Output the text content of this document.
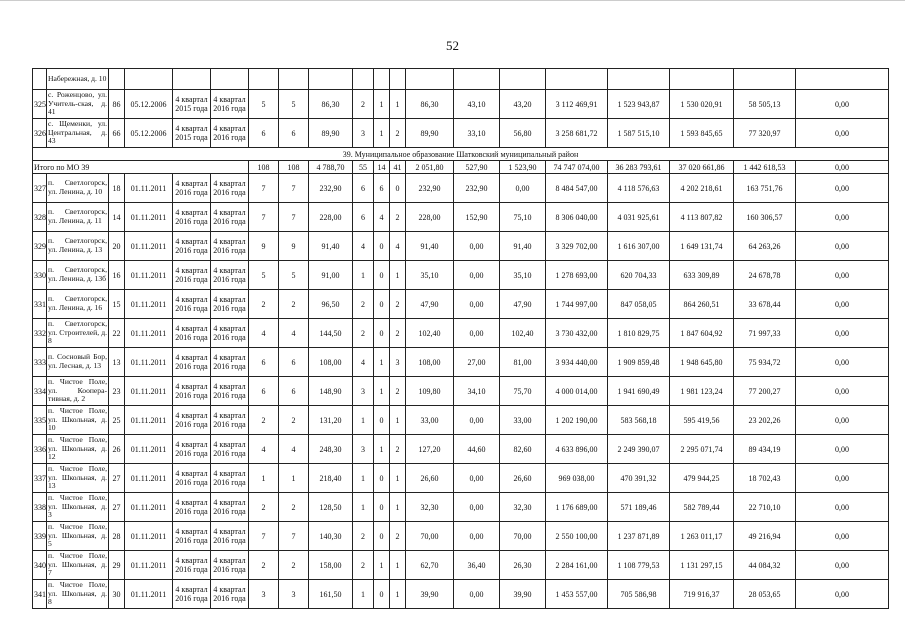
52
	Набережная, д. 10																		
325	с. Роженцово, ул. Учитель-ская, д. 41	86	05.12.2006	4 квартал 2015 года	4 квартал 2016 года	5	5	86,30	2	1	1	86,30	43,10	43,20	3 112 469,91	1 523 943,87	1 530 020,91	58 505,13	0,00
326	с. Щеменки, ул. Центральная, д. 43	66	05.12.2006	4 квартал 2015 года	4 квартал 2016 года	6	6	89,90	3	1	2	89,90	33,10	56,80	3 258 681,72	1 587 515,10	1 593 845,65	77 320,97	0,00
39. Муниципальное образование Шатковский муниципальный район																			
Итого по МО 39						108	108	4 788,70	55	14	41	2 051,80	527,90	1 523,90	74 747 074,00	36 283 793,61	37 020 661,86	1 442 618,53	0,00
327	п. Светлогорск, ул. Ленина, д. 10	18	01.11.2011	4 квартал 2016 года	4 квартал 2016 года	7	7	232,90	6	6	0	232,90	232,90	0,00	8 484 547,00	4 118 576,63	4 202 218,61	163 751,76	0,00
328	п. Светлогорск, ул. Ленина, д. 11	14	01.11.2011	4 квартал 2016 года	4 квартал 2016 года	7	7	228,00	6	4	2	228,00	152,90	75,10	8 306 040,00	4 031 925,61	4 113 807,82	160 306,57	0,00
329	п. Светлогорск, ул. Ленина, д. 13	20	01.11.2011	4 квартал 2016 года	4 квартал 2016 года	9	9	91,40	4	0	4	91,40	0,00	91,40	3 329 702,00	1 616 307,00	1 649 131,74	64 263,26	0,00
330	п. Светлогорск, ул. Ленина, д. 13б	16	01.11.2011	4 квартал 2016 года	4 квартал 2016 года	5	5	91,00	1	0	1	35,10	0,00	35,10	1 278 693,00	620 704,33	633 309,89	24 678,78	0,00
331	п. Светлогорск, ул. Ленина, д. 16	15	01.11.2011	4 квартал 2016 года	4 квартал 2016 года	2	2	96,50	2	0	2	47,90	0,00	47,90	1 744 997,00	847 058,05	864 260,51	33 678,44	0,00
332	п. Светлогорск, ул. Строителей, д. 8	22	01.11.2011	4 квартал 2016 года	4 квартал 2016 года	4	4	144,50	2	0	2	102,40	0,00	102,40	3 730 432,00	1 810 829,75	1 847 604,92	71 997,33	0,00
333	п. Сосновый Бор, ул. Лесная, д. 13	13	01.11.2011	4 квартал 2016 года	4 квартал 2016 года	6	6	108,00	4	1	3	108,00	27,00	81,00	3 934 440,00	1 909 859,48	1 948 645,80	75 934,72	0,00
334	п. Чистое Поле, ул. Коопера-тивная, д. 2	23	01.11.2011	4 квартал 2016 года	4 квартал 2016 года	6	6	148,90	3	1	2	109,80	34,10	75,70	4 000 014,00	1 941 690,49	1 981 123,24	77 200,27	0,00
335	п. Чистое Поле, ул. Школьная, д. 10	25	01.11.2011	4 квартал 2016 года	4 квартал 2016 года	2	2	131,20	1	0	1	33,00	0,00	33,00	1 202 190,00	583 568,18	595 419,56	23 202,26	0,00
336	п. Чистое Поле, ул. Школьная, д. 12	26	01.11.2011	4 квартал 2016 года	4 квартал 2016 года	4	4	248,30	3	1	2	127,20	44,60	82,60	4 633 896,00	2 249 390,07	2 295 071,74	89 434,19	0,00
337	п. Чистое Поле, ул. Школьная, д. 13	27	01.11.2011	4 квартал 2016 года	4 квартал 2016 года	1	1	218,40	1	0	1	26,60	0,00	26,60	969 038,00	470 391,32	479 944,25	18 702,43	0,00
338	п. Чистое Поле, ул. Школьная, д. 3	27	01.11.2011	4 квартал 2016 года	4 квартал 2016 года	2	2	128,50	1	0	1	32,30	0,00	32,30	1 176 689,00	571 189,46	582 789,44	22 710,10	0,00
339	п. Чистое Поле, ул. Школьная, д. 5	28	01.11.2011	4 квартал 2016 года	4 квартал 2016 года	7	7	140,30	2	0	2	70,00	0,00	70,00	2 550 100,00	1 237 871,89	1 263 011,17	49 216,94	0,00
340	п. Чистое Поле, ул. Школьная, д. 7	29	01.11.2011	4 квартал 2016 года	4 квартал 2016 года	2	2	158,00	2	1	1	62,70	36,40	26,30	2 284 161,00	1 108 779,53	1 131 297,15	44 084,32	0,00
341	п. Чистое Поле, ул. Школьная, д. 8	30	01.11.2011	4 квартал 2016 года	4 квартал 2016 года	3	3	161,50	1	0	1	39,90	0,00	39,90	1 453 557,00	705 586,98	719 916,37	28 053,65	0,00
